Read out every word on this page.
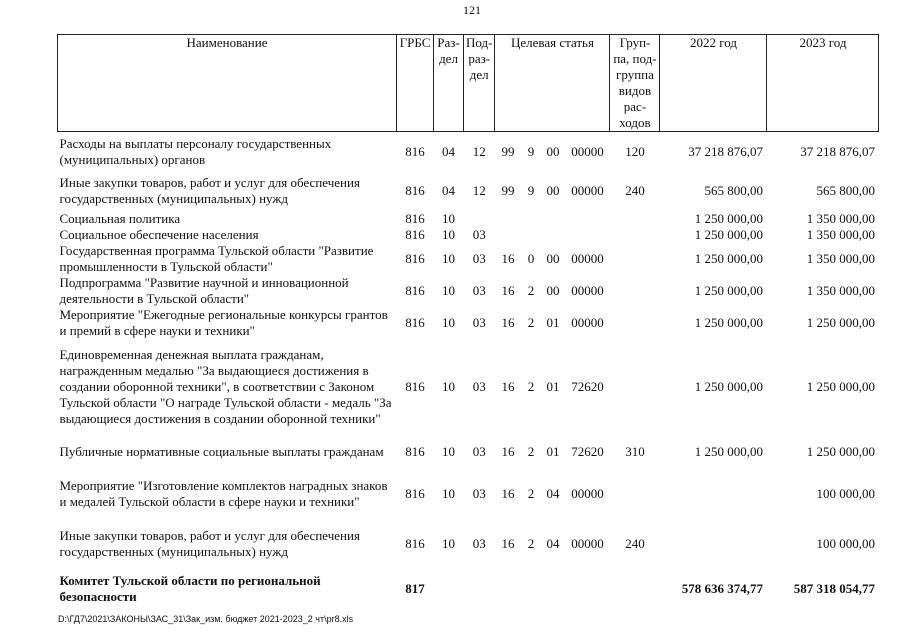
121
Наименование	ГРБС	Раз-дел	Под-раз-дел	Целевая статья				Груп-па, под-группа видов рас-ходов	2022 год	2023 год
Расходы на выплаты персоналу государственных (муниципальных) органов	816	04	12	99	9	00	00000	120	37 218 876,07	37 218 876,07
Иные закупки товаров, работ и услуг для обеспечения государственных (муниципальных) нужд	816	04	12	99	9	00	00000	240	565 800,00	565 800,00
Социальная политика	816	10							1 250 000,00	1 350 000,00
Социальное обеспечение населения	816	10	03						1 250 000,00	1 350 000,00
Государственная программа Тульской области "Развитие промышленности в Тульской области"	816	10	03	16	0	00	00000		1 250 000,00	1 350 000,00
Подпрограмма "Развитие научной и инновационной деятельности в Тульской области"	816	10	03	16	2	00	00000		1 250 000,00	1 350 000,00
Мероприятие "Ежегодные региональные конкурсы грантов и премий в сфере науки и техники"	816	10	03	16	2	01	00000		1 250 000,00	1 250 000,00
Единовременная денежная выплата гражданам, награжденным медалью "За выдающиеся достижения в создании оборонной техники", в соответствии с Законом Тульской области "О награде Тульской области - медаль "За выдающиеся достижения в создании оборонной техники"	816	10	03	16	2	01	72620		1 250 000,00	1 250 000,00
Публичные нормативные социальные выплаты гражданам	816	10	03	16	2	01	72620	310	1 250 000,00	1 250 000,00
Мероприятие "Изготовление комплектов наградных знаков и медалей Тульской области в сфере науки и техники"	816	10	03	16	2	04	00000			100 000,00
Иные закупки товаров, работ и услуг для обеспечения государственных (муниципальных) нужд	816	10	03	16	2	04	00000	240		100 000,00
Комитет Тульской области по региональной безопасности	817								578 636 374,77	587 318 054,77
D:\ГД7\2021\ЗАКОНЫ\ЗАС_31\Зак_изм. бюджет 2021-2023_2 чт\pr8.xls
